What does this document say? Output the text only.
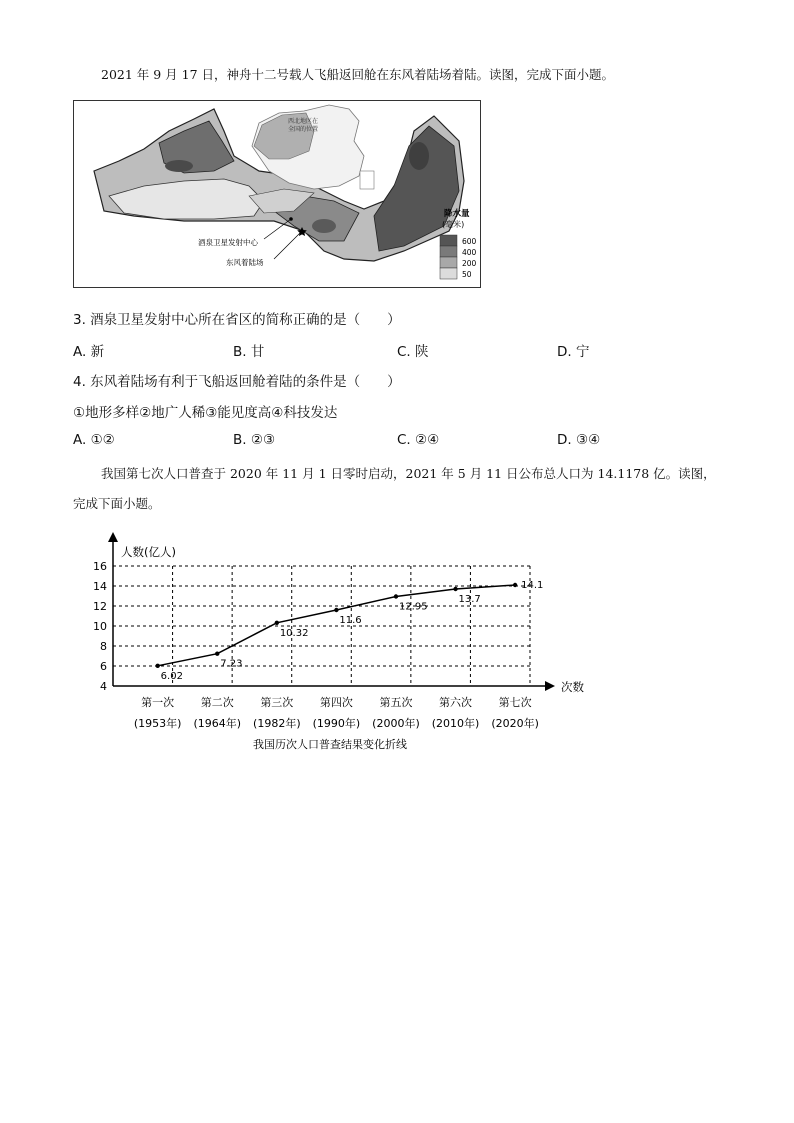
2021 年 9 月 17 日，神舟十二号载人飞船返回舱在东风着陆场着陆。读图，完成下面小题。
西北地区在
全国的位置
酒泉卫星发射中心
东风着陆场
降水量
(毫米)
600
400
200
50
3. 酒泉卫星发射中心所在省区的简称正确的是（　　）
A. 新	B. 甘	C. 陕	D. 宁
4. 东风着陆场有利于飞船返回舱着陆的条件是（　　）
①地形多样②地广人稀③能见度高④科技发达
A. ①②	B. ②③	C. ②④	D. ③④
我国第七次人口普查于 2020 年 11 月 1 日零时启动，2021 年 5 月 11 日公布总人口为 14.1178 亿。读图，
完成下面小题。
4
6
8
10
12
14
16
人数(亿人)
次数
6.02
7.23
10.32
11.6
12.95
13.7
14.1
第一次
(1953年)
第二次
(1964年)
第三次
(1982年)
第四次
(1990年)
第五次
(2000年)
第六次
(2010年)
第七次
(2020年)
我国历次人口普查结果变化折线
